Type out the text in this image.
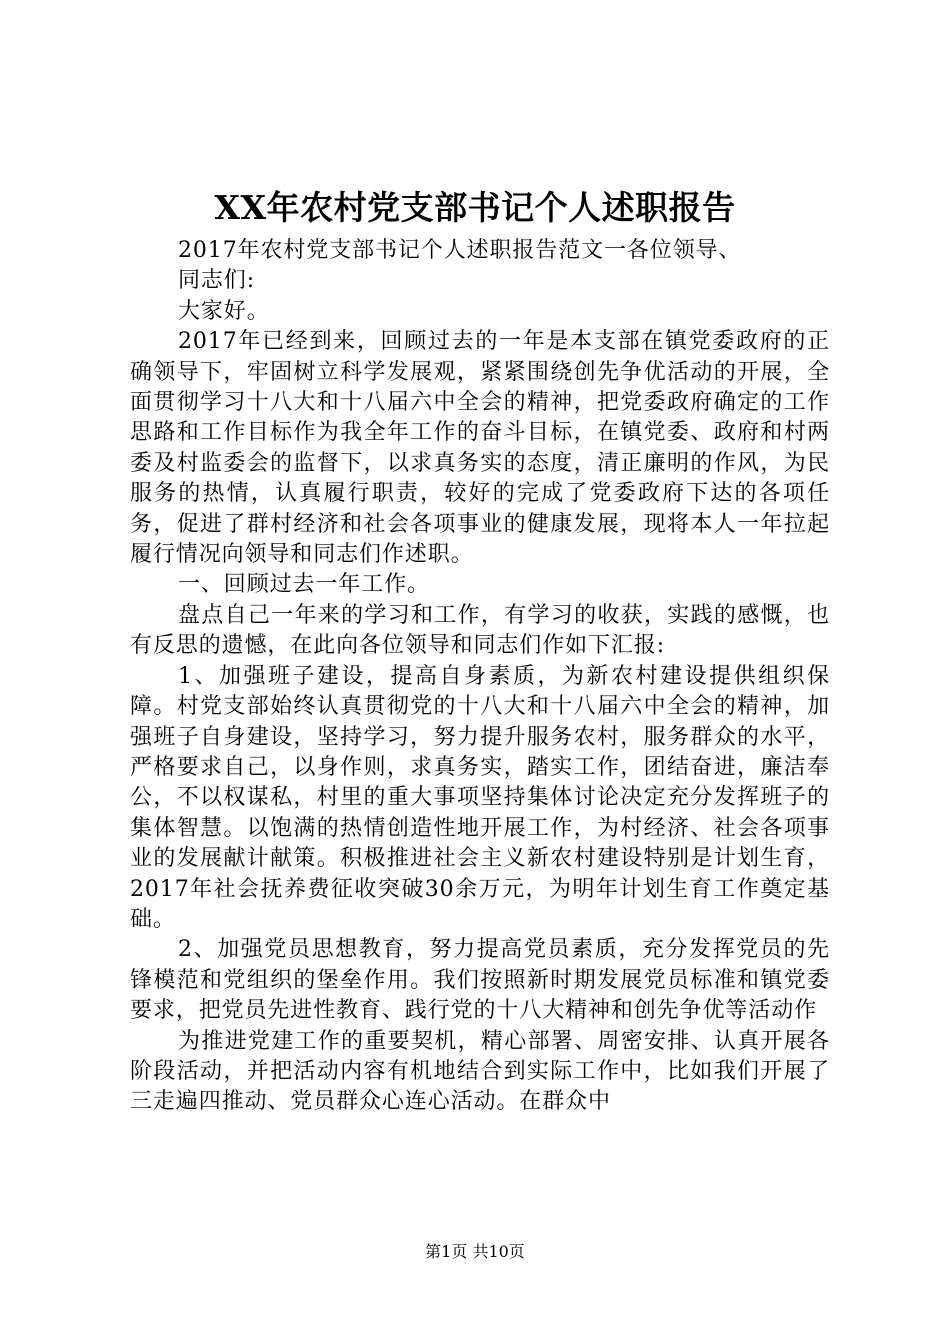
XX年农村党支部书记个人述职报告

2017年农村党支部书记个人述职报告范文一各位领导、

同志们:

大家好。

2017年已经到来，回顾过去的一年是本支部在镇党委政府的正确领导下，牢固树立科学发展观，紧紧围绕创先争优活动的开展，全面贯彻学习十八大和十八届六中全会的精神，把党委政府确定的工作思路和工作目标作为我全年工作的奋斗目标，在镇党委、政府和村两委及村监委会的监督下，以求真务实的态度，清正廉明的作风，为民服务的热情，认真履行职责，较好的完成了党委政府下达的各项任务，促进了群村经济和社会各项事业的健康发展，现将本人一年拉起履行情况向领导和同志们作述职。

一、回顾过去一年工作。

盘点自己一年来的学习和工作，有学习的收获，实践的感慨，也有反思的遗憾，在此向各位领导和同志们作如下汇报:

1、加强班子建设，提高自身素质，为新农村建设提供组织保障。村党支部始终认真贯彻党的十八大和十八届六中全会的精神，加强班子自身建设，坚持学习，努力提升服务农村，服务群众的水平，严格要求自己，以身作则，求真务实，踏实工作，团结奋进，廉洁奉公，不以权谋私，村里的重大事项坚持集体讨论决定充分发挥班子的集体智慧。以饱满的热情创造性地开展工作，为村经济、社会各项事业的发展献计献策。积极推进社会主义新农村建设特别是计划生育，2017年社会抚养费征收突破30余万元，为明年计划生育工作奠定基础。

2、加强党员思想教育，努力提高党员素质，充分发挥党员的先锋模范和党组织的堡垒作用。我们按照新时期发展党员标准和镇党委要求，把党员先进性教育、践行党的十八大精神和创先争优等活动作

为推进党建工作的重要契机，精心部署、周密安排、认真开展各阶段活动，并把活动内容有机地结合到实际工作中，比如我们开展了三走遍四推动、党员群众心连心活动。在群众中

第1页 共10页
